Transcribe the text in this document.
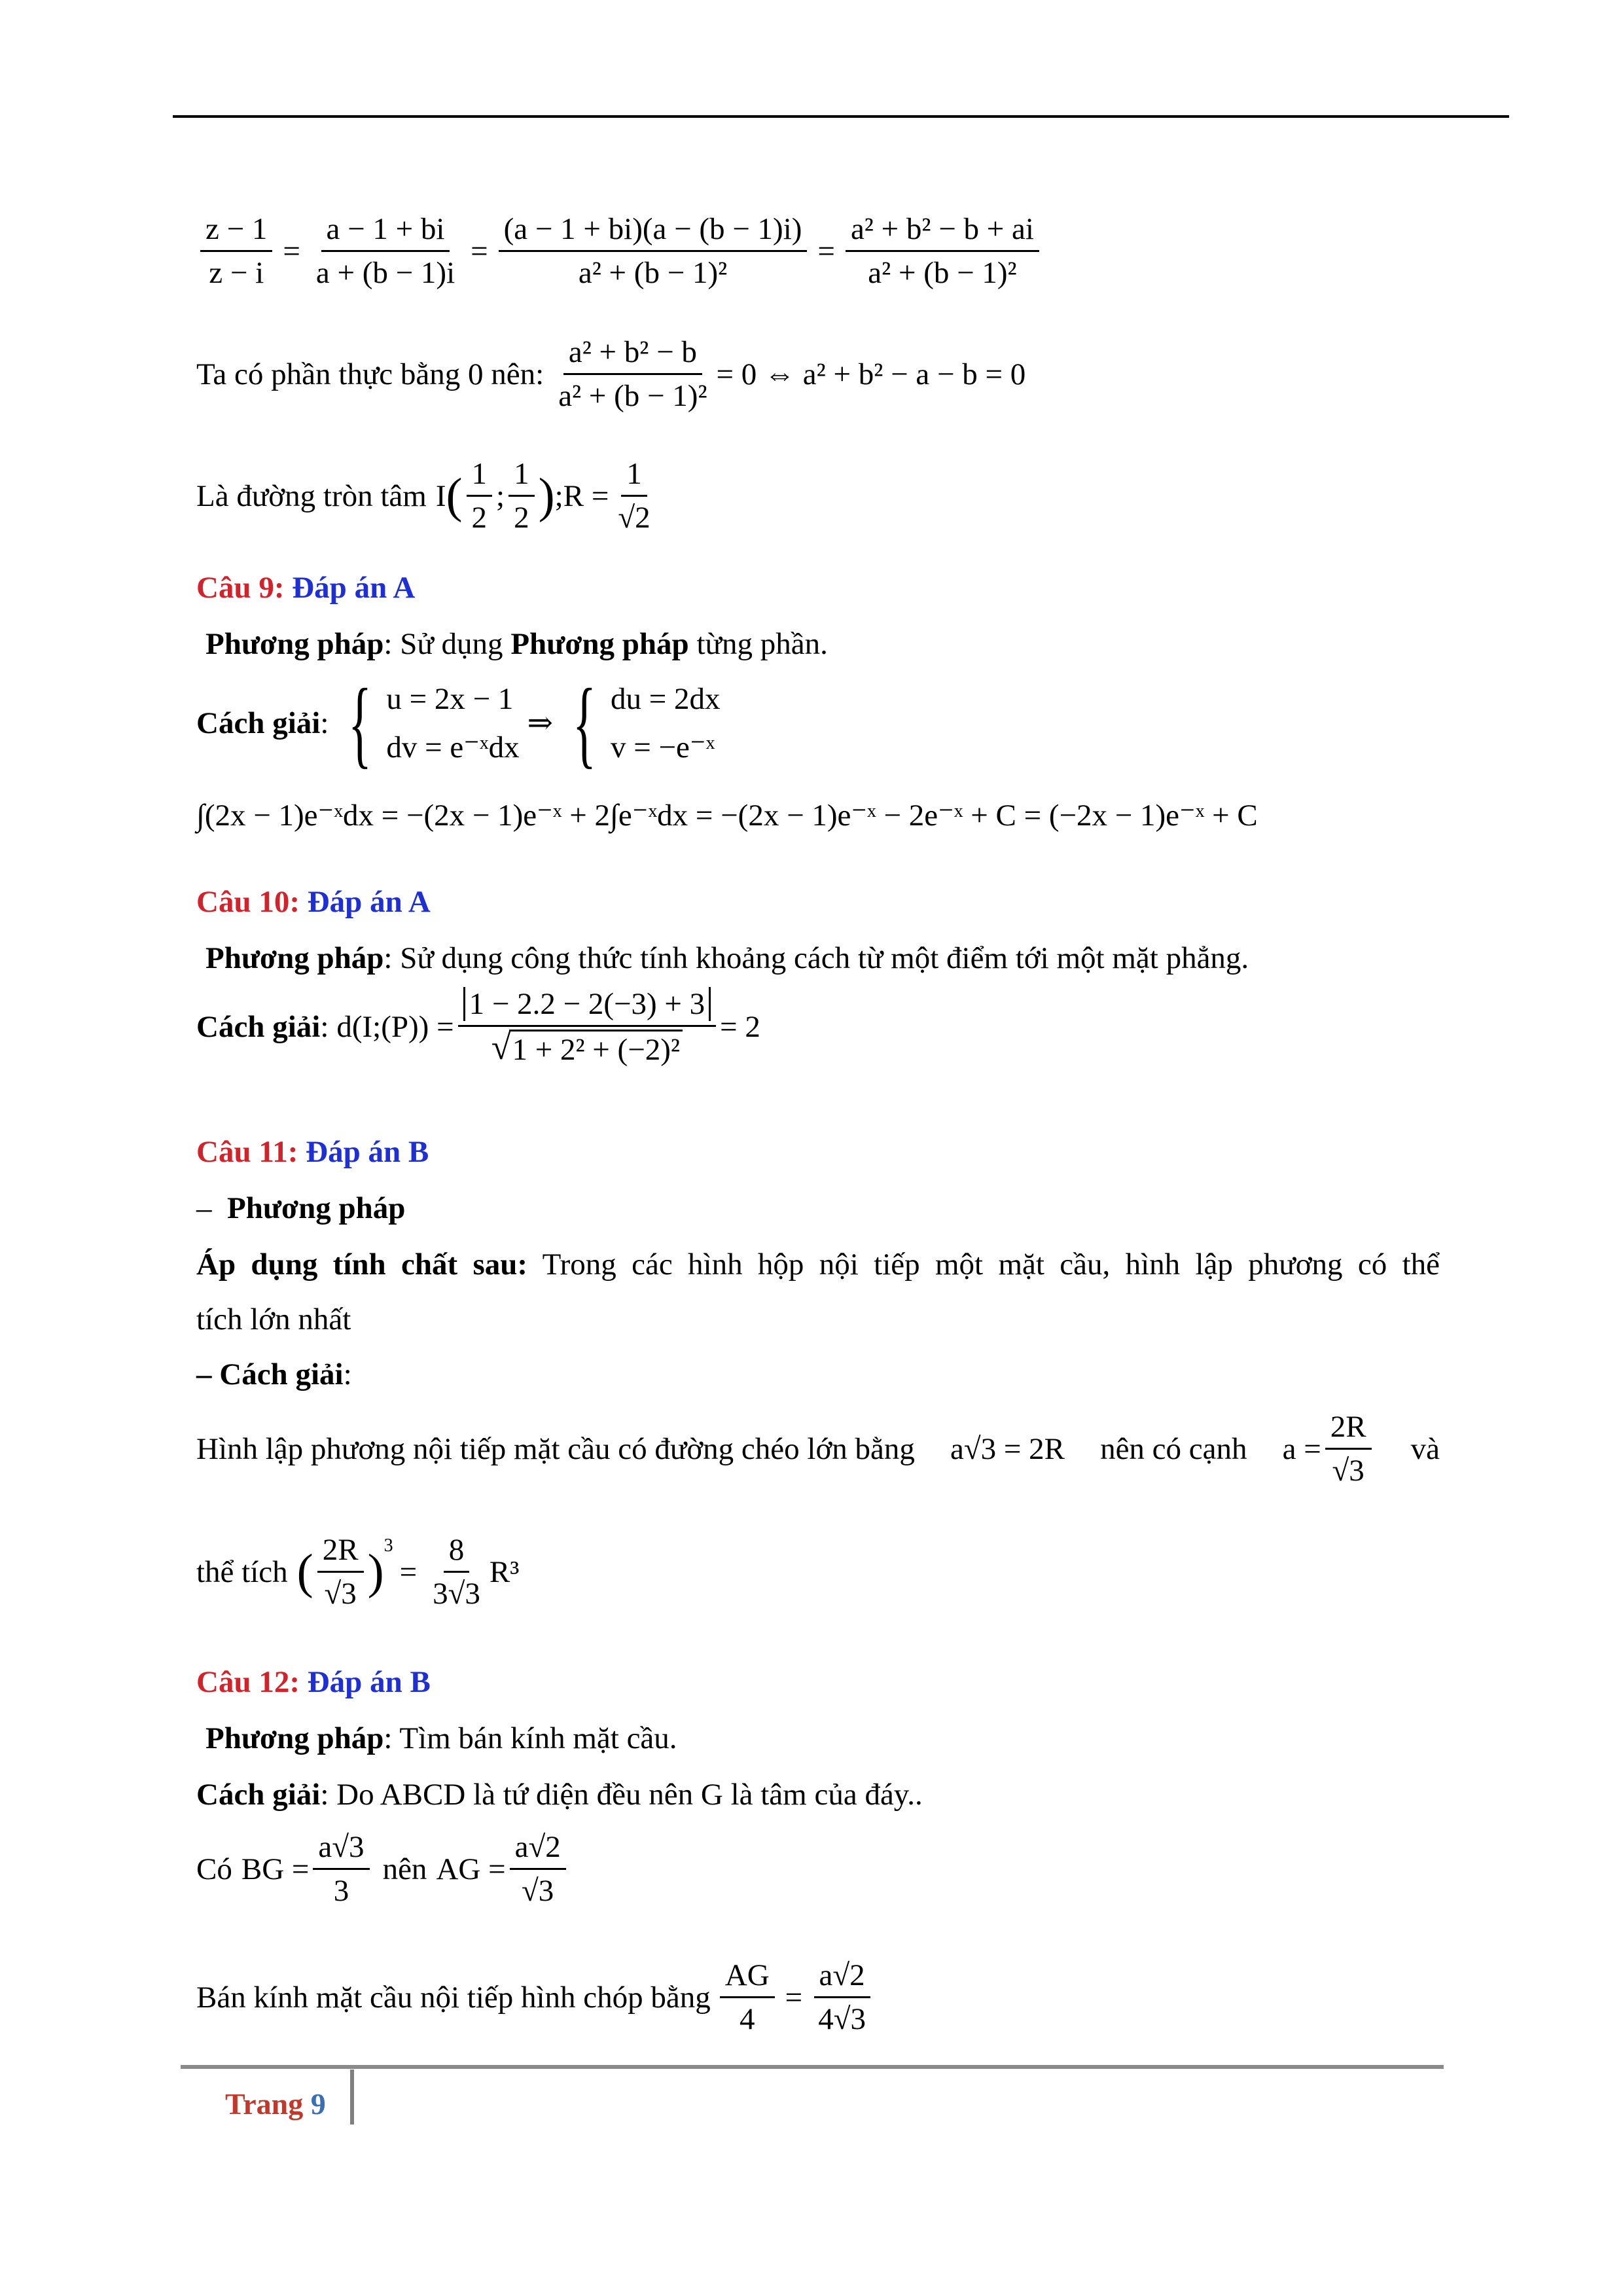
$\frac{z - 1}{z - i} = \frac{a - 1 + bi}{a + (b - 1)i} = \frac{(a - 1 + bi)(a - (b - 1)i)}{\text{a² + (b − 1)²}} = \frac{\text{a² + b² − b + ai}}{\text{a² + (b − 1)²}}$
Ta có phần thực bằng 0 nên: $\frac{\text{a² + b² − b}}{\text{a² + (b − 1)²}} = 0$ ⇔ a² + b² − a − b = 0
Là đường tròn tâm I ( $\frac{1}{2}$ ; $\frac{1}{2}$ ) ;R = $\frac{1}{√2}$
Câu 9: Đáp án A
Phương pháp: Sử dụng Phương pháp từng phần.
Cách giải : { u = 2x − 1
dv = e⁻ˣdx
⇒ { du = 2dx
v = −e⁻ˣ
∫(2x − 1)e⁻ˣdx = −(2x − 1)e⁻ˣ + 2∫e⁻ˣdx = −(2x − 1)e⁻ˣ − 2e⁻ˣ + C = (−2x − 1)e⁻ˣ + C
Câu 10: Đáp án A
Phương pháp: Sử dụng công thức tính khoảng cách từ một điểm tới một mặt phẳng.
Cách giải : d(I;(P)) = $\frac{1 - 2.2 - 2(-3) + 3}{\text{√ 1 + 2² + (−2)²}} = 2$
Câu 11: Đáp án B
– Phương pháp
Áp dụng tính chất sau: Trong các hình hộp nội tiếp một mặt cầu, hình lập phương có thể
tích lớn nhất
– Cách giải:
Hình lập phương nội tiếp mặt cầu có đường chéo lớn bằng a√3 = 2R nên có cạnh $a = \frac{2R}{√3}$ và
thể tích ( $\frac{2R}{√3} )^3$
= $\frac{8}{3√3} R^3$
Câu 12: Đáp án B
Phương pháp: Tìm bán kính mặt cầu.
Cách giải: Do ABCD là tứ diện đều nên G là tâm của đáy..
Có BG = $\frac{a√3}{3}$ nên AG = $\frac{a√2}{√3}$
Bán kính mặt cầu nội tiếp hình chóp bằng $\frac{AG}{4} = \frac{a√2}{4√3}$
Trang 9
